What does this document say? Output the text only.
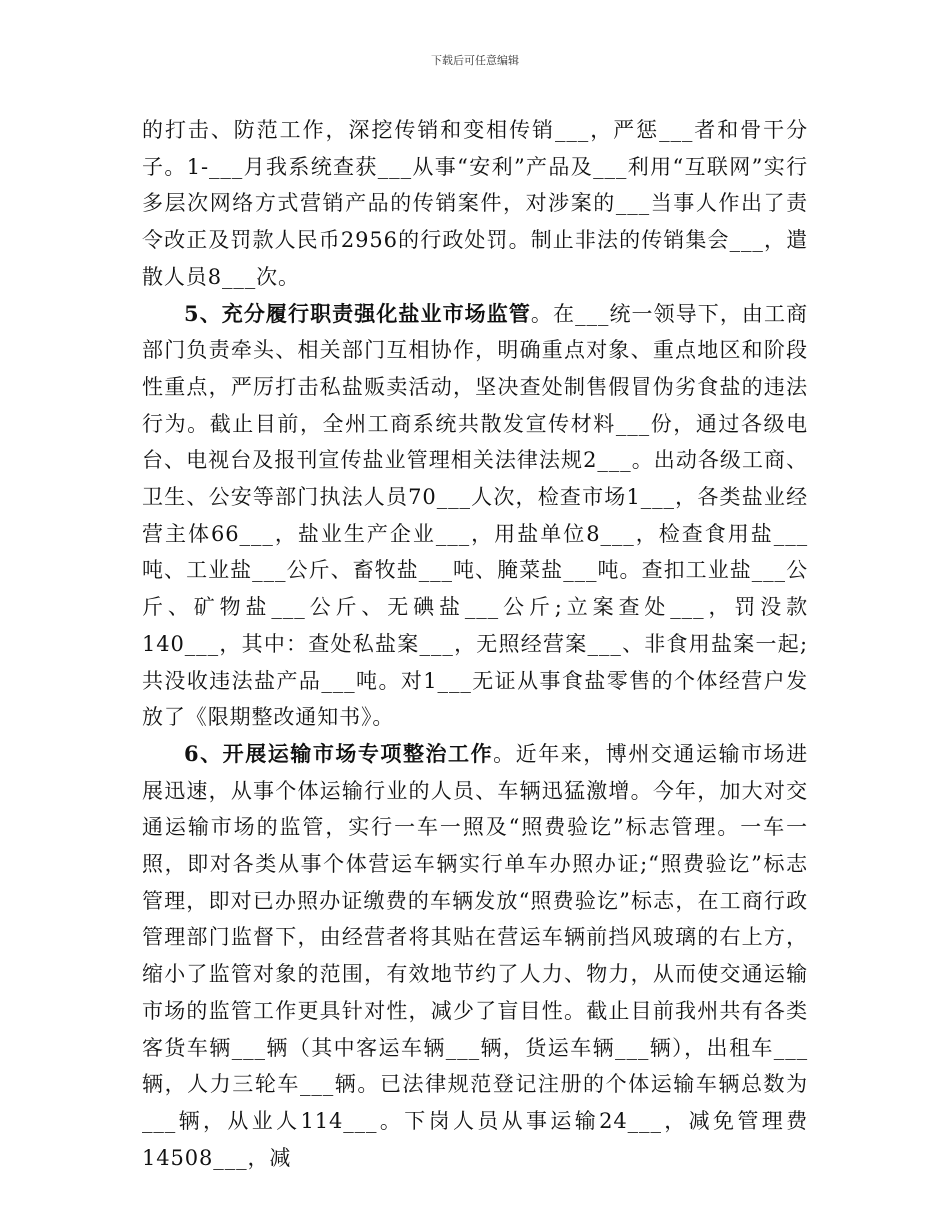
下载后可任意编辑

的打击、防范工作，深挖传销和变相传销___，严惩___者和骨干分子。1-___月我系统查获___从事“安利”产品及___利用“互联网”实行多层次网络方式营销产品的传销案件，对涉案的___当事人作出了责令改正及罚款人民币2956的行政处罚。制止非法的传销集会___，遣散人员8___次。

5、充分履行职责强化盐业市场监管。在___统一领导下，由工商部门负责牵头、相关部门互相协作，明确重点对象、重点地区和阶段性重点，严厉打击私盐贩卖活动，坚决查处制售假冒伪劣食盐的违法行为。截止目前，全州工商系统共散发宣传材料___份，通过各级电台、电视台及报刊宣传盐业管理相关法律法规2___。出动各级工商、卫生、公安等部门执法人员70___人次，检查市场1___，各类盐业经营主体66___，盐业生产企业___，用盐单位8___，检查食用盐___吨、工业盐___公斤、畜牧盐___吨、腌菜盐___吨。查扣工业盐___公斤、矿物盐___公斤、无碘盐___公斤;立案查处___，罚没款140___，其中：查处私盐案___，无照经营案___、非食用盐案一起;共没收违法盐产品___吨。对1___无证从事食盐零售的个体经营户发放了《限期整改通知书》。

6、开展运输市场专项整治工作。近年来，博州交通运输市场进展迅速，从事个体运输行业的人员、车辆迅猛激增。今年，加大对交通运输市场的监管，实行一车一照及“照费验讫”标志管理。一车一照，即对各类从事个体营运车辆实行单车办照办证;“照费验讫”标志管理，即对已办照办证缴费的车辆发放“照费验讫”标志，在工商行政管理部门监督下，由经营者将其贴在营运车辆前挡风玻璃的右上方，缩小了监管对象的范围，有效地节约了人力、物力，从而使交通运输市场的监管工作更具针对性，减少了盲目性。截止目前我州共有各类客货车辆___辆（其中客运车辆___辆，货运车辆___辆），出租车___辆，人力三轮车___辆。已法律规范登记注册的个体运输车辆总数为___辆，从业人114___。下岗人员从事运输24___，减免管理费14508___，减
